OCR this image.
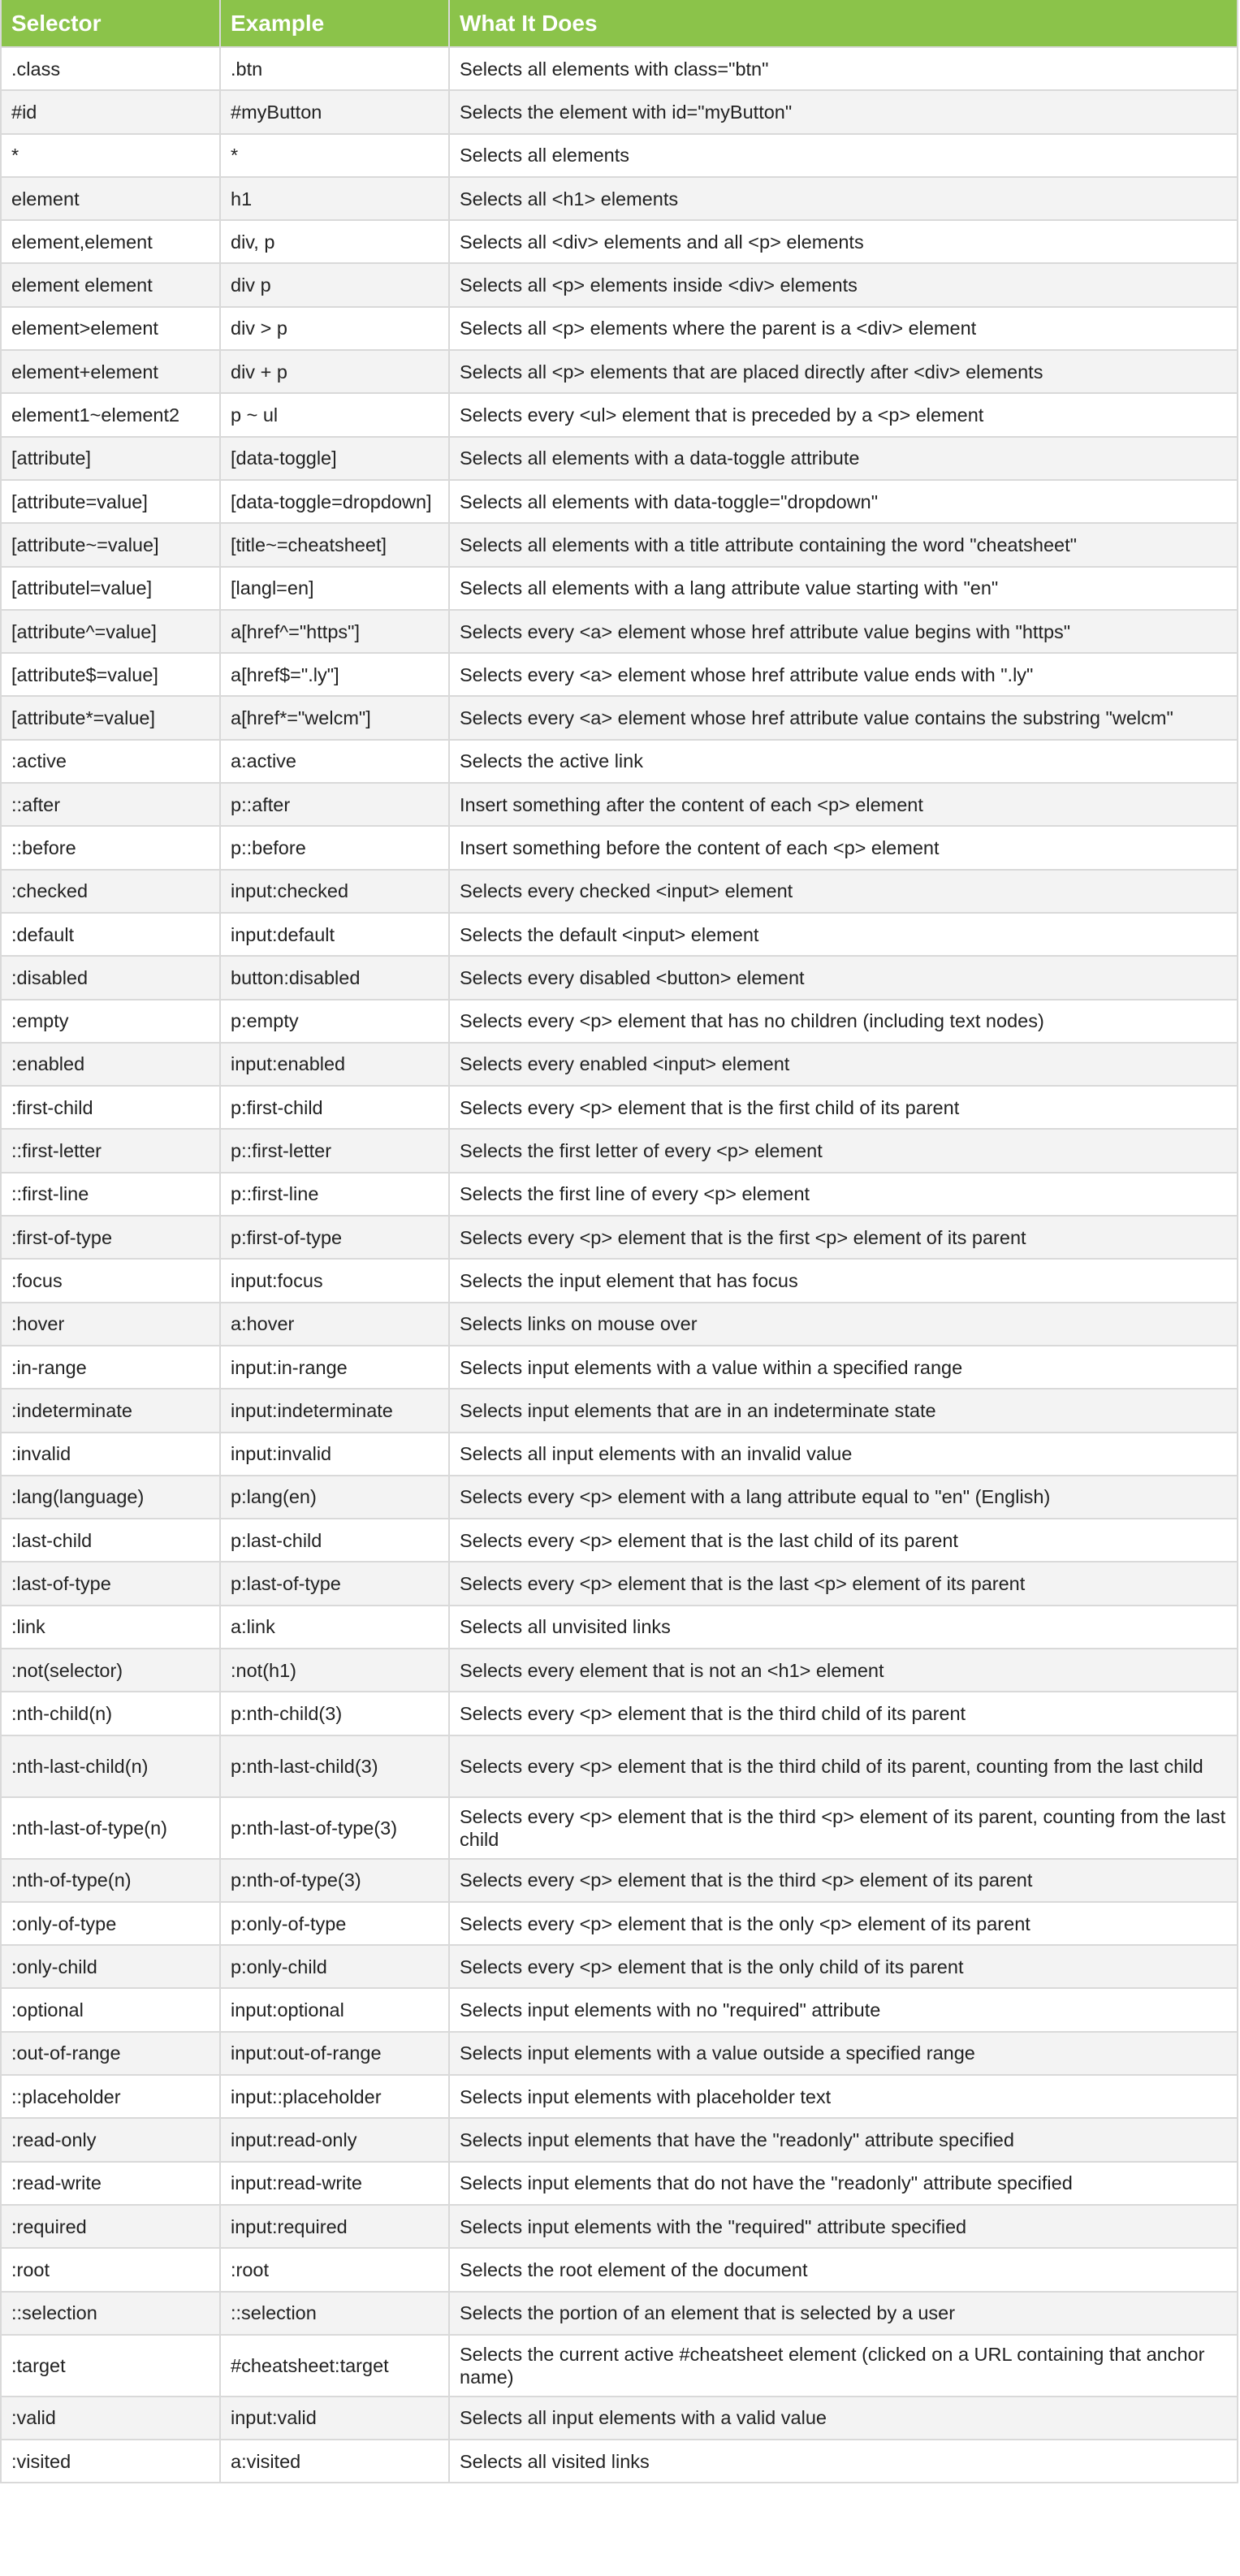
Selector	Example	What It Does
.class	.btn	Selects all elements with class="btn"
#id	#myButton	Selects the element with id="myButton"
*	*	Selects all elements
element	h1	Selects all <h1> elements
element,element	div, p	Selects all <div> elements and all <p> elements
element element	div p	Selects all <p> elements inside <div> elements
element>element	div > p	Selects all <p> elements where the parent is a <div> element
element+element	div + p	Selects all <p> elements that are placed directly after <div> elements
element1~element2	p ~ ul	Selects every <ul> element that is preceded by a <p> element
[attribute]	[data-toggle]	Selects all elements with a data-toggle attribute
[attribute=value]	[data-toggle=dropdown]	Selects all elements with data-toggle="dropdown"
[attribute~=value]	[title~=cheatsheet]	Selects all elements with a title attribute containing the word "cheatsheet"
[attributel=value]	[langl=en]	Selects all elements with a lang attribute value starting with "en"
[attribute^=value]	a[href^="https"]	Selects every <a> element whose href attribute value begins with "https"
[attribute$=value]	a[href$=".ly"]	Selects every <a> element whose href attribute value ends with ".ly"
[attribute*=value]	a[href*="welcm"]	Selects every <a> element whose href attribute value contains the substring "welcm"
:active	a:active	Selects the active link
::after	p::after	Insert something after the content of each <p> element
::before	p::before	Insert something before the content of each <p> element
:checked	input:checked	Selects every checked <input> element
:default	input:default	Selects the default <input> element
:disabled	button:disabled	Selects every disabled <button> element
:empty	p:empty	Selects every <p> element that has no children (including text nodes)
:enabled	input:enabled	Selects every enabled <input> element
:first-child	p:first-child	Selects every <p> element that is the first child of its parent
::first-letter	p::first-letter	Selects the first letter of every <p> element
::first-line	p::first-line	Selects the first line of every <p> element
:first-of-type	p:first-of-type	Selects every <p> element that is the first <p> element of its parent
:focus	input:focus	Selects the input element that has focus
:hover	a:hover	Selects links on mouse over
:in-range	input:in-range	Selects input elements with a value within a specified range
:indeterminate	input:indeterminate	Selects input elements that are in an indeterminate state
:invalid	input:invalid	Selects all input elements with an invalid value
:lang(language)	p:lang(en)	Selects every <p> element with a lang attribute equal to "en" (English)
:last-child	p:last-child	Selects every <p> element that is the last child of its parent
:last-of-type	p:last-of-type	Selects every <p> element that is the last <p> element of its parent
:link	a:link	Selects all unvisited links
:not(selector)	:not(h1)	Selects every element that is not an <h1> element
:nth-child(n)	p:nth-child(3)	Selects every <p> element that is the third child of its parent
:nth-last-child(n)	p:nth-last-child(3)	Selects every <p> element that is the third child of its parent, counting from the last child
:nth-last-of-type(n)	p:nth-last-of-type(3)	Selects every <p> element that is the third <p> element of its parent, counting from the last child
:nth-of-type(n)	p:nth-of-type(3)	Selects every <p> element that is the third <p> element of its parent
:only-of-type	p:only-of-type	Selects every <p> element that is the only <p> element of its parent
:only-child	p:only-child	Selects every <p> element that is the only child of its parent
:optional	input:optional	Selects input elements with no "required" attribute
:out-of-range	input:out-of-range	Selects input elements with a value outside a specified range
::placeholder	input::placeholder	Selects input elements with placeholder text
:read-only	input:read-only	Selects input elements that have the "readonly" attribute specified
:read-write	input:read-write	Selects input elements that do not have the "readonly" attribute specified
:required	input:required	Selects input elements with the "required" attribute specified
:root	:root	Selects the root element of the document
::selection	::selection	Selects the portion of an element that is selected by a user
:target	#cheatsheet:target	Selects the current active #cheatsheet element (clicked on a URL containing that anchor name)
:valid	input:valid	Selects all input elements with a valid value
:visited	a:visited	Selects all visited links
